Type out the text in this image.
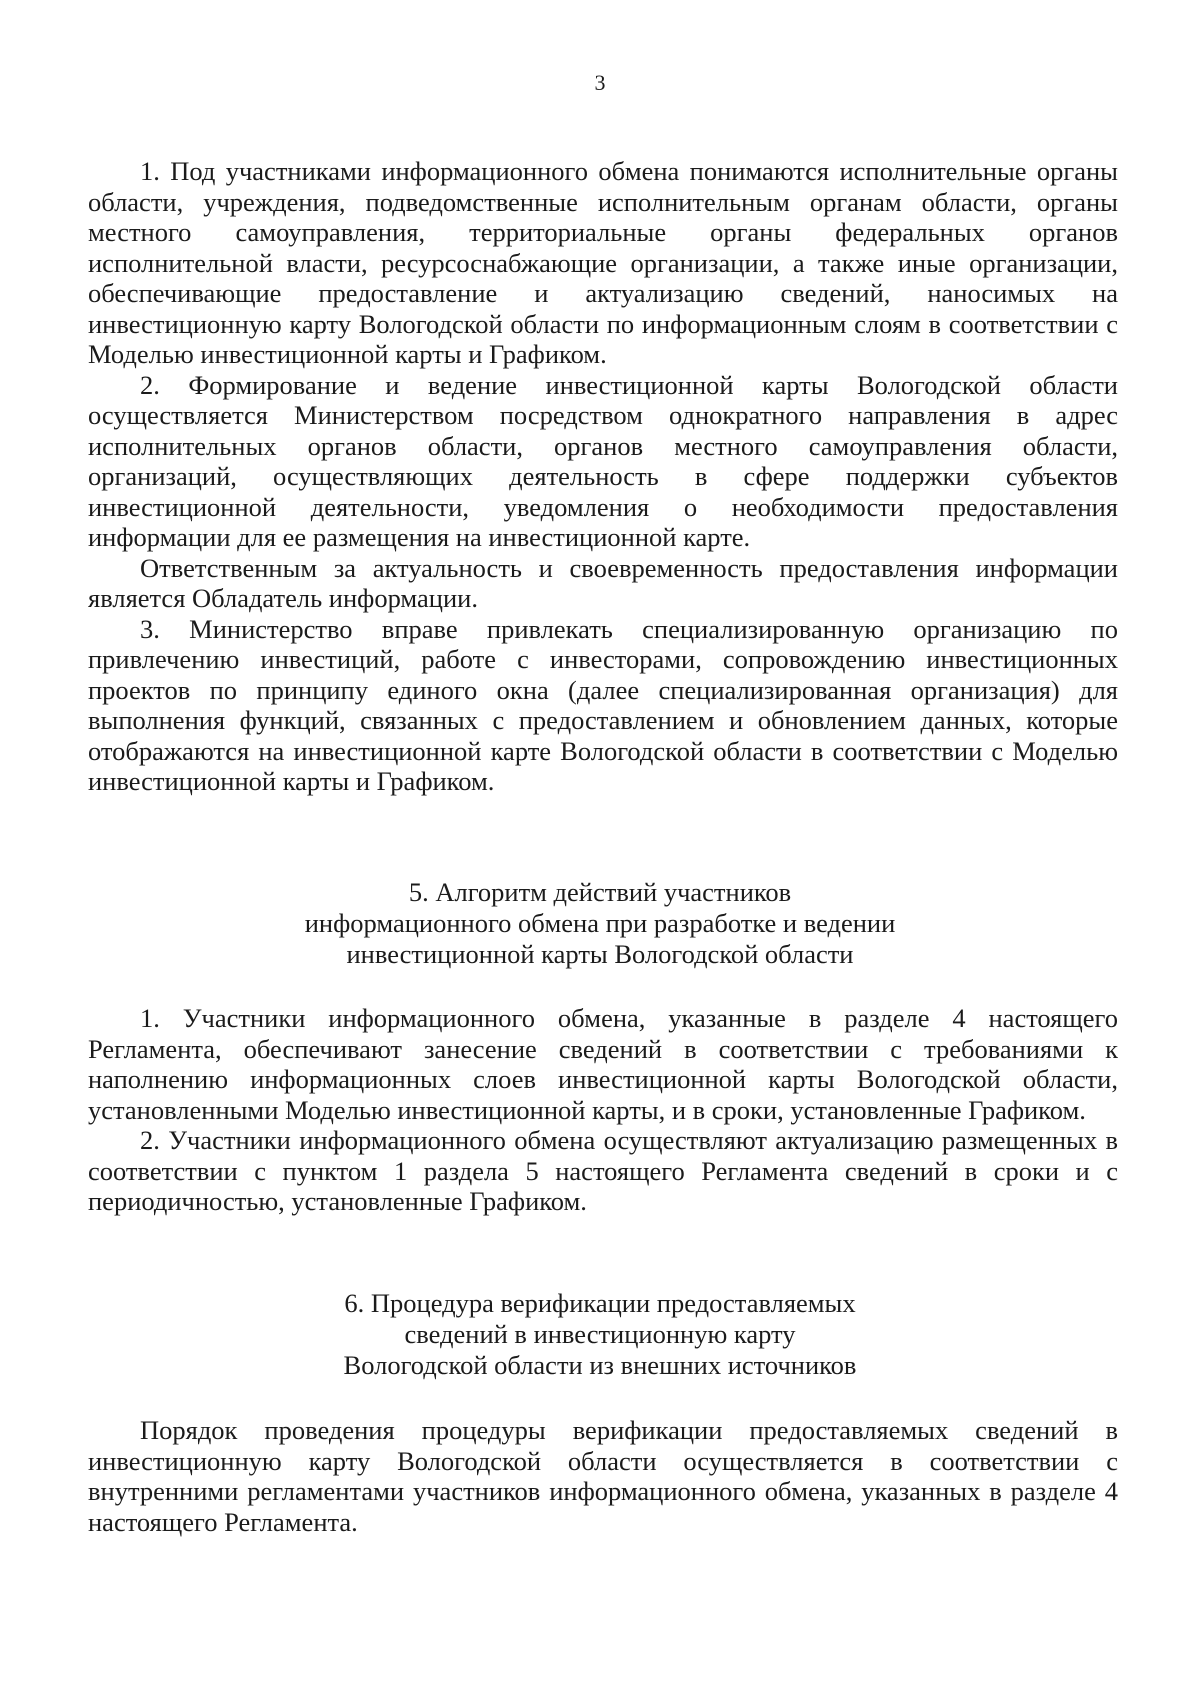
3

1. Под участниками информационного обмена понимаются исполнительные органы области, учреждения, подведомственные исполнительным органам области, органы местного самоуправления, территориальные органы федеральных органов исполнительной власти, ресурсоснабжающие организации, а также иные организации, обеспечивающие предоставление и актуализацию сведений, наносимых на инвестиционную карту Вологодской области по информационным слоям в соответствии с Моделью инвестиционной карты и Графиком.

2. Формирование и ведение инвестиционной карты Вологодской области осуществляется Министерством посредством однократного направления в адрес исполнительных органов области, органов местного самоуправления области, организаций, осуществляющих деятельность в сфере поддержки субъектов инвестиционной деятельности, уведомления о необходимости предоставления информации для ее размещения на инвестиционной карте.

Ответственным за актуальность и своевременность предоставления информации является Обладатель информации.

3. Министерство вправе привлекать специализированную организацию по привлечению инвестиций, работе с инвесторами, сопровождению инвестиционных проектов по принципу единого окна (далее специализированная организация) для выполнения функций, связанных с предоставлением и обновлением данных, которые отображаются на инвестиционной карте Вологодской области в соответствии с Моделью инвестиционной карты и Графиком.

5. Алгоритм действий участников
информационного обмена при разработке и ведении
инвестиционной карты Вологодской области

1. Участники информационного обмена, указанные в разделе 4 настоящего Регламента, обеспечивают занесение сведений в соответствии с требованиями к наполнению информационных слоев инвестиционной карты Вологодской области, установленными Моделью инвестиционной карты, и в сроки, установленные Графиком.

2. Участники информационного обмена осуществляют актуализацию размещенных в соответствии с пунктом 1 раздела 5 настоящего Регламента сведений в сроки и с периодичностью, установленные Графиком.

6. Процедура верификации предоставляемых
сведений в инвестиционную карту
Вологодской области из внешних источников

Порядок проведения процедуры верификации предоставляемых сведений в инвестиционную карту Вологодской области осуществляется в соответствии с внутренними регламентами участников информационного обмена, указанных в разделе 4 настоящего Регламента.
